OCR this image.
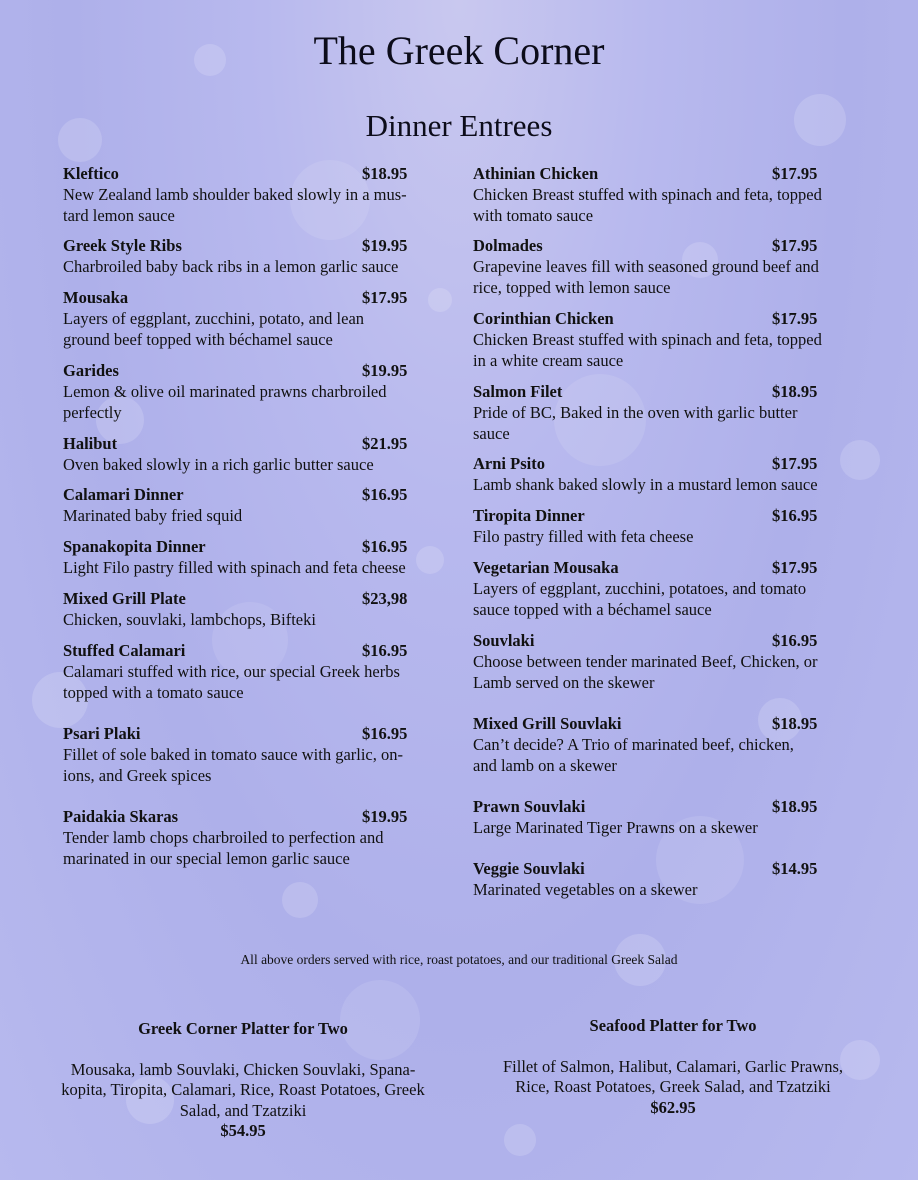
The Greek Corner
Dinner Entrees
Kleftico	$18.95
New Zealand lamb shoulder baked slowly in a mus-
tard lemon sauce
Greek Style Ribs	$19.95
Charbroiled baby back ribs in a lemon garlic sauce
Mousaka	$17.95
Layers of eggplant, zucchini, potato, and lean
ground beef topped with béchamel sauce
Garides	$19.95
Lemon & olive oil marinated prawns charbroiled
perfectly
Halibut	$21.95
Oven baked slowly in a rich garlic butter sauce
Calamari Dinner	$16.95
Marinated baby fried squid
Spanakopita Dinner	$16.95
Light Filo pastry filled with spinach and feta cheese
Mixed Grill Plate	$23,98
Chicken, souvlaki, lambchops, Bifteki
Stuffed Calamari	$16.95
Calamari stuffed with rice, our special Greek herbs
topped with a tomato sauce
Psari Plaki	$16.95
Fillet of sole baked in tomato sauce with garlic, on-
ions, and Greek spices
Paidakia Skaras	$19.95
Tender lamb chops charbroiled to perfection and
marinated in our special lemon garlic sauce
Athinian Chicken	$17.95
Chicken Breast stuffed with spinach and feta, topped
with tomato sauce
Dolmades	$17.95
Grapevine leaves fill with seasoned ground beef and
rice, topped with lemon sauce
Corinthian Chicken	$17.95
Chicken Breast stuffed with spinach and feta, topped
in a white cream sauce
Salmon Filet	$18.95
Pride of BC, Baked in the oven with garlic butter
sauce
Arni Psito	$17.95
Lamb shank baked slowly in a mustard lemon sauce
Tiropita Dinner	$16.95
Filo pastry filled with feta cheese
Vegetarian Mousaka	$17.95
Layers of eggplant, zucchini, potatoes, and tomato
sauce topped with a béchamel sauce
Souvlaki	$16.95
Choose between tender marinated Beef, Chicken, or
Lamb served on the skewer
Mixed Grill Souvlaki	$18.95
Can’t decide? A Trio of marinated beef, chicken,
and lamb on a skewer
Prawn Souvlaki	$18.95
Large Marinated Tiger Prawns on a skewer
Veggie Souvlaki	$14.95
Marinated vegetables on a skewer
All above orders served with rice, roast potatoes, and our traditional Greek Salad
Greek Corner Platter for Two
Mousaka, lamb Souvlaki, Chicken Souvlaki, Spana-
kopita, Tiropita, Calamari, Rice, Roast Potatoes, Greek
Salad, and Tzatziki
$54.95
Seafood Platter for Two
Fillet of Salmon, Halibut, Calamari, Garlic Prawns,
Rice, Roast Potatoes, Greek Salad, and Tzatziki
$62.95
